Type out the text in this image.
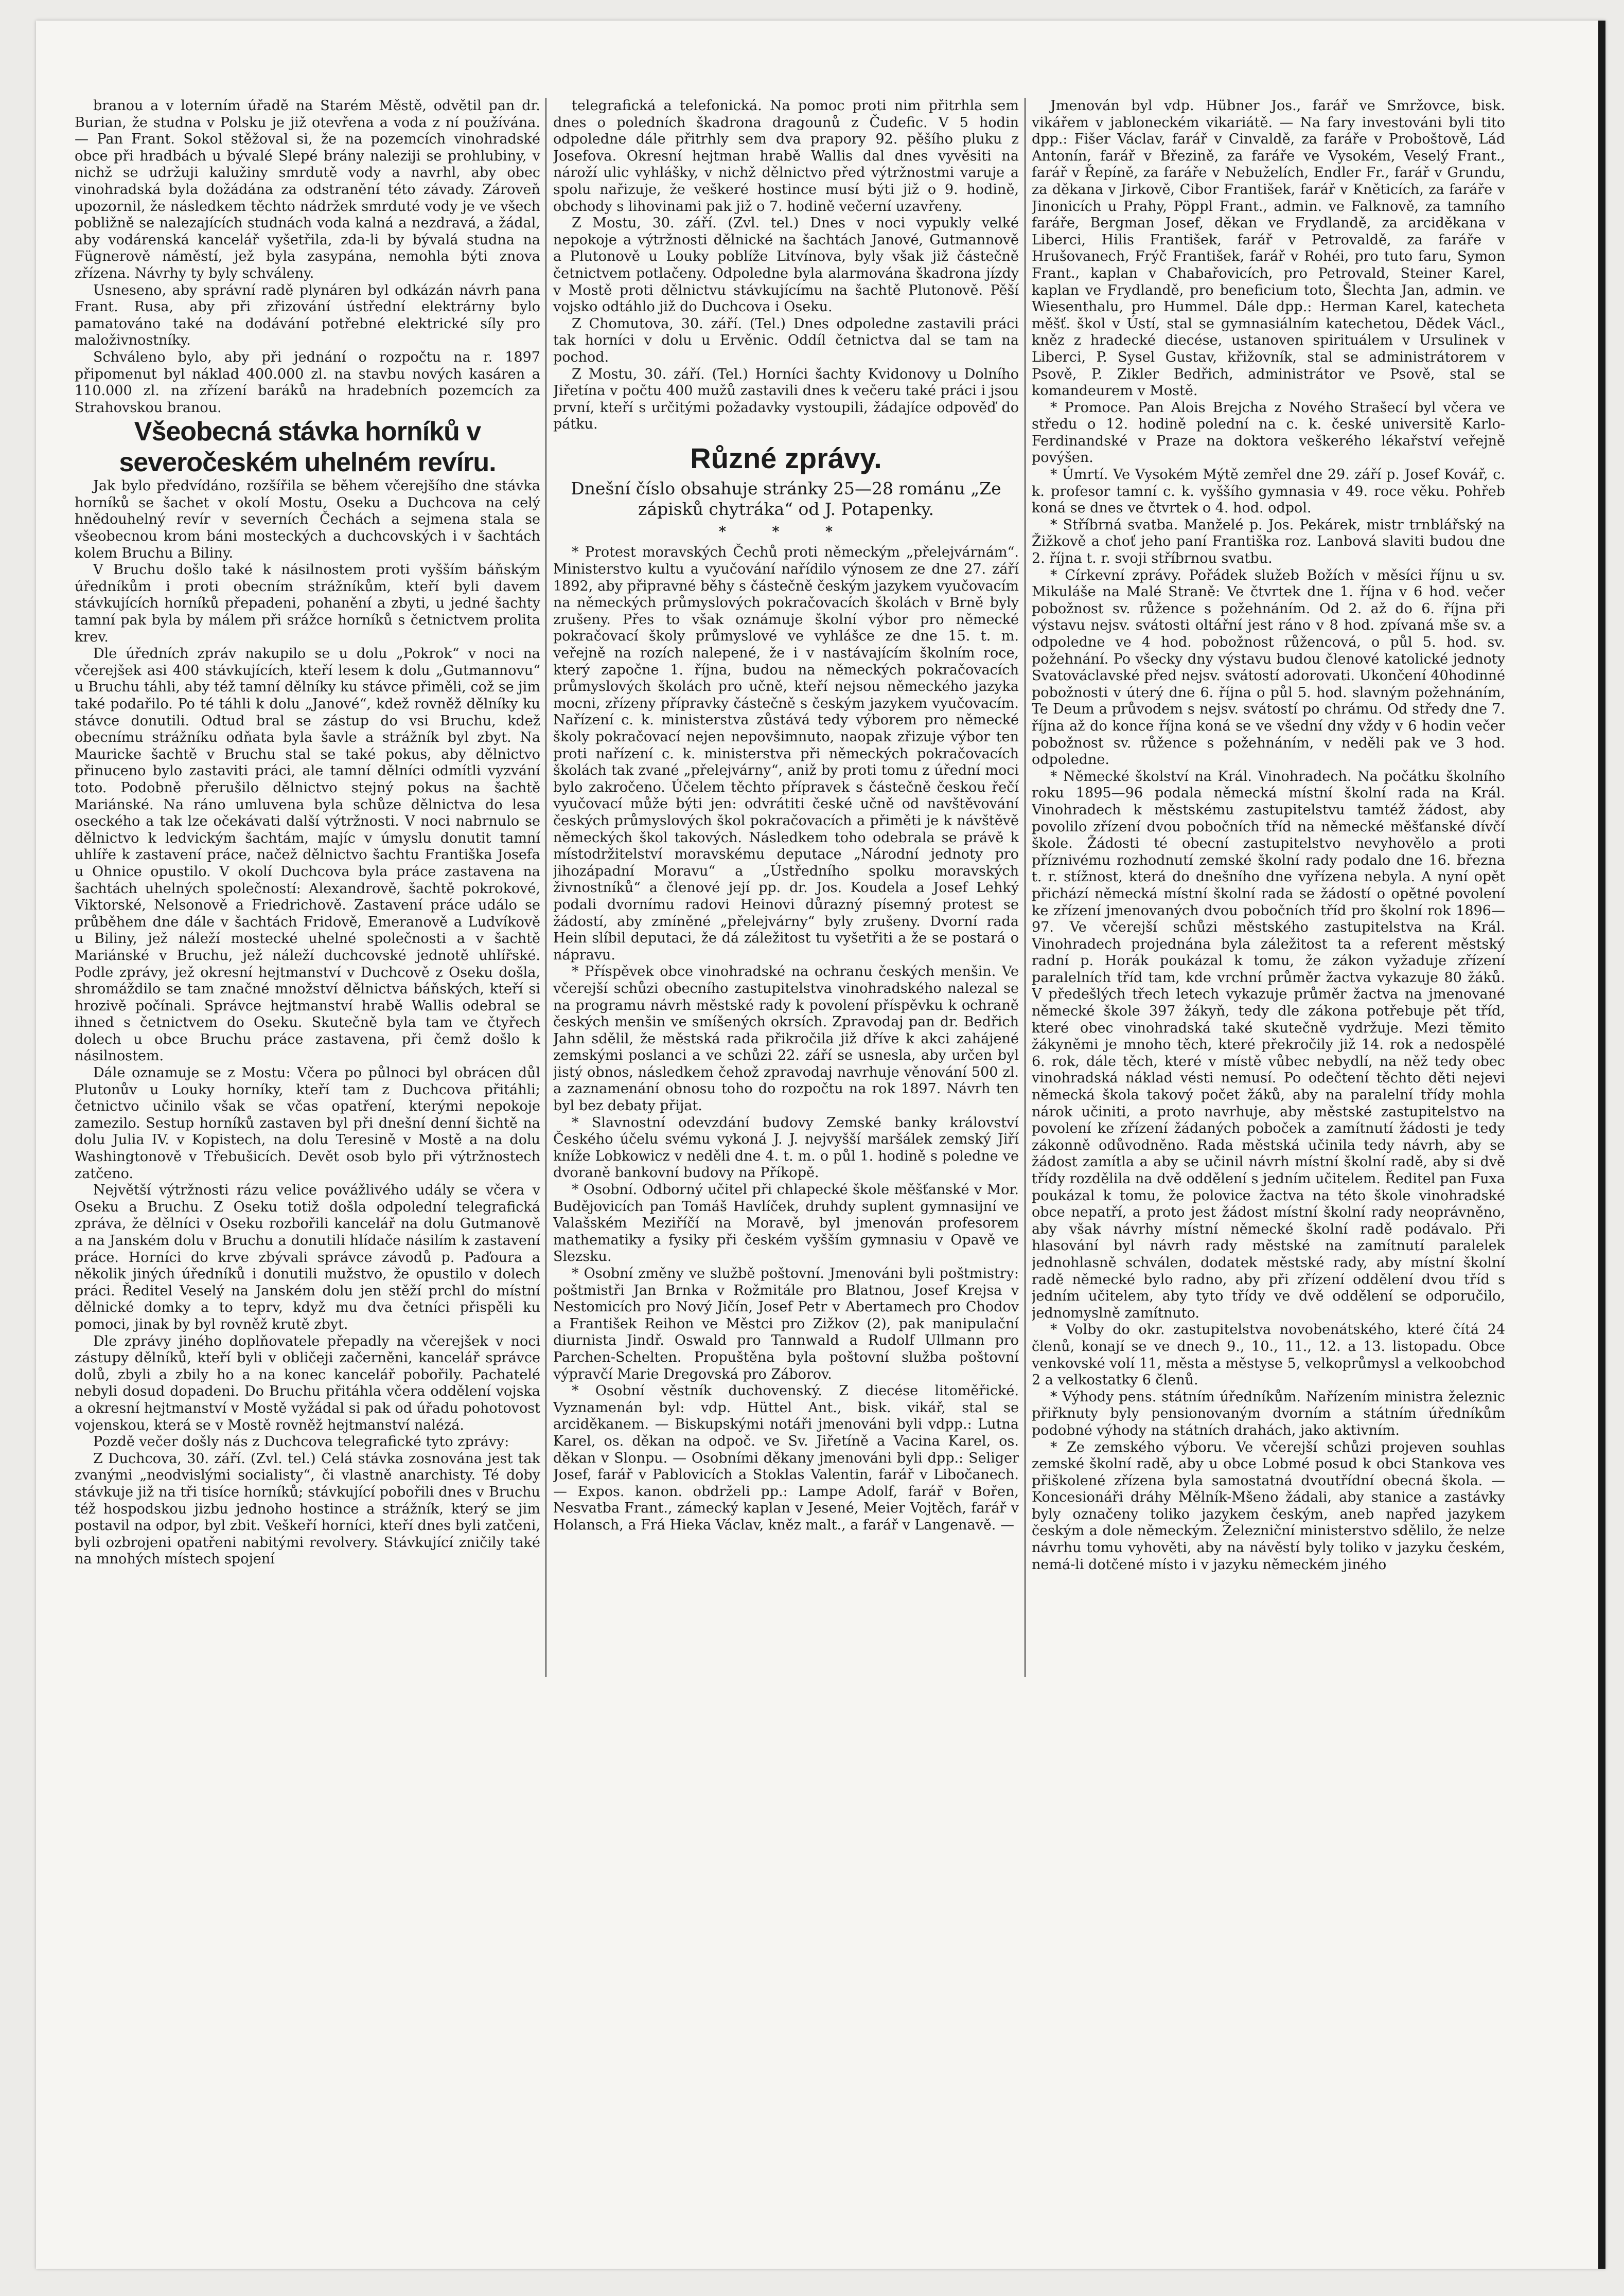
branou a v loterním úřadě na Starém Městě, odvětil pan dr. Burian, že studna v Polsku je již otevřena a voda z ní používána. — Pan Frant. Sokol stěžoval si, že na pozemcích vinohradské obce při hradbách u bývalé Slepé brány naleziji se prohlubiny, v nichž se udržuji kalužiny smrdutě vody a navrhl, aby obec vinohradská byla dožádána za odstranění této závady. Zároveň upozornil, že následkem těchto nádržek smrduté vody je ve všech pobližně se nalezajících studnách voda kalná a nezdravá, a žádal, aby vodárenská kancelář vyšetřila, zda-li by bývalá studna na Fügnerově náměstí, jež byla zasypána, nemohla býti znova zřízena. Návrhy ty byly schváleny.

Usneseno, aby správní radě plynáren byl odkázán návrh pana Frant. Rusa, aby při zřizování ústřední elektrárny bylo pamatováno také na dodávání potřebné elektrické síly pro maloživnostníky.

Schváleno bylo, aby při jednání o rozpočtu na r. 1897 připomenut byl náklad 400.000 zl. na stavbu nových kasáren a 110.000 zl. na zřízení baráků na hradebních pozemcích za Strahovskou branou.

Všeobecná stávka horníků v severočeském uhelném revíru.

Jak bylo předvídáno, rozšířila se během včerejšího dne stávka horníků se šachet v okolí Mostu, Oseku a Duchcova na celý hnědouhelný revír v severních Čechách a sejmena stala se všeobecnou krom báni mosteckých a duchcovských i v šachtách kolem Bruchu a Biliny.

V Bruchu došlo také k násilnostem proti vyšším báňským úředníkům i proti obecním strážníkům, kteří byli davem stávkujících horníků přepadeni, pohanění a zbyti, u jedné šachty tamní pak byla by málem při srážce horníků s četnictvem prolita krev.

Dle úředních zpráv nakupilo se u dolu „Pokrok“ v noci na včerejšek asi 400 stávkujících, kteří lesem k dolu „Gutmannovu“ u Bruchu táhli, aby též tamní dělníky ku stávce přiměli, což se jim také podařilo. Po té táhli k dolu „Janové“, kdež rovněž dělníky ku stávce donutili. Odtud bral se zástup do vsi Bruchu, kdež obecnímu strážníku odňata byla šavle a strážník byl zbyt. Na Mauricke šachtě v Bruchu stal se také pokus, aby dělnictvo přinuceno bylo zastaviti práci, ale tamní dělníci odmítli vyzvání toto. Podobně přerušilo dělnictvo stejný pokus na šachtě Mariánské. Na ráno umluvena byla schůze dělnictva do lesa oseckého a tak lze očekávati další výtržnosti. V noci nabrnulo se dělnictvo k ledvickým šachtám, majíc v úmyslu donutit tamní uhlíře k zastavení práce, načež dělnictvo šachtu Františka Josefa u Ohnice opustilo. V okolí Duchcova byla práce zastavena na šachtách uhelných společností: Alexandrově, šachtě pokrokové, Viktorské, Nelsonově a Friedrichově. Zastavení práce událo se průběhem dne dále v šachtách Fridově, Emeranově a Ludvíkově u Biliny, jež náleží mostecké uhelné společnosti a v šachtě Mariánské v Bruchu, jež náleží duchcovské jednotě uhlířské. Podle zprávy, jež okresní hejtmanství v Duchcově z Oseku došla, shromáždilo se tam značné množství dělnictva báňských, kteří si hrozivě počínali. Správce hejtmanství hrabě Wallis odebral se ihned s četnictvem do Oseku. Skutečně byla tam ve čtyřech dolech u obce Bruchu práce zastavena, při čemž došlo k násilnostem.

Dále oznamuje se z Mostu: Včera po půlnoci byl obrácen důl Plutonův u Louky horníky, kteří tam z Duchcova přitáhli; četnictvo učinilo však se včas opatření, kterými nepokoje zamezilo. Sestup horníků zastaven byl při dnešní denní šichtě na dolu Julia IV. v Kopistech, na dolu Teresině v Mostě a na dolu Washingtonově v Třebušicích. Devět osob bylo při výtržnostech zatčeno.

Největší výtržnosti rázu velice povážlivého udály se včera v Oseku a Bruchu. Z Oseku totiž došla odpolední telegrafická zpráva, že dělníci v Oseku rozbořili kancelář na dolu Gutmanově a na Janském dolu v Bruchu a donutili hlídače násilím k zastavení práce. Horníci do krve zbývali správce závodů p. Paďoura a několik jiných úředníků i donutili mužstvo, že opustilo v dolech práci. Ředitel Veselý na Janském dolu jen stěží prchl do místní dělnické domky a to teprv, když mu dva četníci přispěli ku pomoci, jinak by byl rovněž krutě zbyt.

Dle zprávy jiného doplňovatele přepadly na včerejšek v noci zástupy dělníků, kteří byli v obličeji začerněni, kancelář správce dolů, zbyli a zbily ho a na konec kancelář pobořily. Pachatelé nebyli dosud dopadeni. Do Bruchu přitáhla včera oddělení vojska a okresní hejtmanství v Mostě vyžádal si pak od úřadu pohotovost vojenskou, která se v Mostě rovněž hejtmanství nalézá.

Pozdě večer došly nás z Duchcova telegrafické tyto zprávy:

Z Duchcova, 30. září. (Zvl. tel.) Celá stávka zosnována jest tak zvanými „neodvislými socialisty“, či vlastně anarchisty. Té doby stávkuje již na tři tisíce horníků; stávkující pobořili dnes v Bruchu též hospodskou jizbu jednoho hostince a strážník, který se jim postavil na odpor, byl zbit. Veškeří horníci, kteří dnes byli zatčeni, byli ozbrojeni opatřeni nabitými revolvery. Stávkující zničily také na mnohých místech spojení

telegrafická a telefonická. Na pomoc proti nim přitrhla sem dnes o poledních škadrona dragounů z Čudefic. V 5 hodin odpoledne dále přitrhly sem dva prapory 92. pěšího pluku z Josefova. Okresní hejtman hrabě Wallis dal dnes vyvěsiti na nároží ulic vyhlášky, v nichž dělnictvo před výtržnostmi varuje a spolu nařizuje, že veškeré hostince musí býti již o 9. hodině, obchody s lihovinami pak již o 7. hodině večerní uzavřeny.

Z Mostu, 30. září. (Zvl. tel.) Dnes v noci vypukly velké nepokoje a výtržnosti dělnické na šachtách Janové, Gutmannově a Plutonově u Louky poblíže Litvínova, byly však již částečně četnictvem potlačeny. Odpoledne byla alarmována škadrona jízdy v Mostě proti dělnictvu stávkujícímu na šachtě Plutonově. Pěší vojsko odtáhlo již do Duchcova i Oseku.

Z Chomutova, 30. září. (Tel.) Dnes odpoledne zastavili práci tak horníci v dolu u Ervěnic. Oddíl četnictva dal se tam na pochod.

Z Mostu, 30. září. (Tel.) Horníci šachty Kvidonovy u Dolního Jiřetína v počtu 400 mužů zastavili dnes k večeru také práci i jsou první, kteří s určitými požadavky vystoupili, žádajíce odpověď do pátku.

Různé zprávy.

Dnešní číslo obsahuje stránky 25—28 románu „Ze zápisků chytráka“ od J. Potapenky.

* * *

* Protest moravských Čechů proti německým „přelejvárnám“. Ministerstvo kultu a vyučování nařídilo výnosem ze dne 27. září 1892, aby připravné běhy s částečně českým jazykem vyučovacím na německých průmyslových pokračovacích školách v Brně byly zrušeny. Přes to však oznámuje školní výbor pro německé pokračovací školy průmyslové ve vyhlášce ze dne 15. t. m. veřejně na rozích nalepené, že i v nastávajícím školním roce, který započne 1. října, budou na německých pokračovacích průmyslových školách pro učně, kteří nejsou německého jazyka mocni, zřízeny přípravky částečně s českým jazykem vyučovacím. Nařízení c. k. ministerstva zůstává tedy výborem pro německé školy pokračovací nejen nepovšimnuto, naopak zřizuje výbor ten proti nařízení c. k. ministerstva při německých pokračovacích školách tak zvané „přelejvárny“, aniž by proti tomu z úřední moci bylo zakročeno. Účelem těchto přípravek s částečně českou řečí vyučovací může býti jen: odvrátiti české učně od navštěvování českých průmyslových škol pokračovacích a přiměti je k návštěvě německých škol takových. Následkem toho odebrala se právě k místodržitelství moravskému deputace „Národní jednoty pro jihozápadní Moravu“ a „Ústředního spolku moravských živnostníků“ a členové její pp. dr. Jos. Koudela a Josef Lehký podali dvornímu radovi Heinovi důrazný písemný protest se žádostí, aby zmíněné „přelejvárny“ byly zrušeny. Dvorní rada Hein slíbil deputaci, že dá záležitost tu vyšetřiti a že se postará o nápravu.

* Příspěvek obce vinohradské na ochranu českých menšin. Ve včerejší schůzi obecního zastupitelstva vinohradského nalezal se na programu návrh městské rady k povolení příspěvku k ochraně českých menšin ve smíšených okrsích. Zpravodaj pan dr. Bedřich Jahn sdělil, že městská rada přikročila již dříve k akci zahájené zemskými poslanci a ve schůzi 22. září se usnesla, aby určen byl jistý obnos, následkem čehož zpravodaj navrhuje věnování 500 zl. a zaznamenání obnosu toho do rozpočtu na rok 1897. Návrh ten byl bez debaty přijat.

* Slavnostní odevzdání budovy Zemské banky království Českého účelu svému vykoná J. J. nejvyšší maršálek zemský Jiří kníže Lobkowicz v neděli dne 4. t. m. o půl 1. hodině s poledne ve dvoraně bankovní budovy na Příkopě.

* Osobní. Odborný učitel při chlapecké škole měšťanské v Mor. Budějovicích pan Tomáš Havlíček, druhdy suplent gymnasijní ve Valašském Meziříčí na Moravě, byl jmenován profesorem mathematiky a fysiky při českém vyšším gymnasiu v Opavě ve Slezsku.

* Osobní změny ve službě poštovní. Jmenováni byli poštmistry: poštmistři Jan Brnka v Rožmitále pro Blatnou, Josef Krejsa v Nestomicích pro Nový Jičín, Josef Petr v Abertamech pro Chodov a František Reihon ve Městci pro Zižkov (2), pak manipulační diurnista Jindř. Oswald pro Tannwald a Rudolf Ullmann pro Parchen-Schelten. Propuštěna byla poštovní služba poštovní výpravčí Marie Dregovská pro Záborov.

* Osobní věstník duchovenský. Z diecése litoměřické. Vyznamenán byl: vdp. Hüttel Ant., bisk. vikář, stal se arciděkanem. — Biskupskými notáři jmenováni byli vdpp.: Lutna Karel, os. děkan na odpoč. ve Sv. Jiřetíně a Vacina Karel, os. děkan v Slonpu. — Osobními děkany jmenováni byli dpp.: Seliger Josef, farář v Pablovicích a Stoklas Valentin, farář v Libočanech. — Expos. kanon. obdrželi pp.: Lampe Adolf, farář v Bořen, Nesvatba Frant., zámecký kaplan v Jesené, Meier Vojtěch, farář v Holansch, a Frá Hieka Václav, kněz malt., a farář v Langenavě. —

Jmenován byl vdp. Hübner Jos., farář ve Smržovce, bisk. vikářem v jabloneckém vikariátě. — Na fary investováni byli tito dpp.: Fišer Václav, farář v Cinvaldě, za faráře v Proboštově, Lád Antonín, farář v Březině, za faráře ve Vysokém, Veselý Frant., farář v Řepíně, za faráře v Nebuželích, Endler Fr., farář v Grundu, za děkana v Jirkově, Cibor František, farář v Kněticích, za faráře v Jinonicích u Prahy, Pöppl Frant., admin. ve Falknově, za tamního faráře, Bergman Josef, děkan ve Frydlandě, za arciděkana v Liberci, Hilis František, farář v Petrovaldě, za faráře v Hrušovanech, Frýč František, farář v Rohéi, pro tuto faru, Symon Frant., kaplan v Chabařovicích, pro Petrovald, Steiner Karel, kaplan ve Frydlandě, pro beneficium toto, Šlechta Jan, admin. ve Wiesenthalu, pro Hummel. Dále dpp.: Herman Karel, katecheta měšť. škol v Ústí, stal se gymnasiálním katechetou, Dědek Václ., kněz z hradecké diecése, ustanoven spirituálem v Ursulinek v Liberci, P. Sysel Gustav, křižovník, stal se administrátorem v Psově, P. Zikler Bedřich, administrátor ve Psově, stal se komandeurem v Mostě.

* Promoce. Pan Alois Brejcha z Nového Strašecí byl včera ve středu o 12. hodině polední na c. k. české universitě Karlo-Ferdinandské v Praze na doktora veškerého lékařství veřejně povýšen.

* Úmrtí. Ve Vysokém Mýtě zemřel dne 29. září p. Josef Kovář, c. k. profesor tamní c. k. vyššího gymnasia v 49. roce věku. Pohřeb koná se dnes ve čtvrtek o 4. hod. odpol.

* Stříbrná svatba. Manželé p. Jos. Pekárek, mistr trnblářský na Žižkově a choť jeho paní Františka roz. Lanbová slaviti budou dne 2. října t. r. svoji stříbrnou svatbu.

* Církevní zprávy. Pořádek služeb Božích v měsíci říjnu u sv. Mikuláše na Malé Straně: Ve čtvrtek dne 1. října v 6 hod. večer pobožnost sv. růžence s požehnáním. Od 2. až do 6. října při výstavu nejsv. svátosti oltářní jest ráno v 8 hod. zpívaná mše sv. a odpoledne ve 4 hod. pobožnost růžencová, o půl 5. hod. sv. požehnání. Po všecky dny výstavu budou členové katolické jednoty Svatováclavské před nejsv. svátostí adorovati. Ukončení 40hodinné pobožnosti v úterý dne 6. října o půl 5. hod. slavným požehnáním, Te Deum a průvodem s nejsv. svátostí po chrámu. Od středy dne 7. října až do konce října koná se ve všední dny vždy v 6 hodin večer pobožnost sv. růžence s požehnáním, v neděli pak ve 3 hod. odpoledne.

* Německé školství na Král. Vinohradech. Na počátku školního roku 1895—96 podala německá místní školní rada na Král. Vinohradech k městskému zastupitelstvu tamtéž žádost, aby povolilo zřízení dvou pobočních tříd na německé měšťanské dívčí škole. Žádosti té obecní zastupitelstvo nevyhovělo a proti příznivému rozhodnutí zemské školní rady podalo dne 16. března t. r. stížnost, která do dnešního dne vyřízena nebyla. A nyní opět přichází německá místní školní rada se žádostí o opětné povolení ke zřízení jmenovaných dvou pobočních tříd pro školní rok 1896—97. Ve včerejší schůzi městského zastupitelstva na Král. Vinohradech projednána byla záležitost ta a referent městský radní p. Horák poukázal k tomu, že zákon vyžaduje zřízení paralelních tříd tam, kde vrchní průměr žactva vykazuje 80 žáků. V předešlých třech letech vykazuje průměr žactva na jmenované německé škole 397 žákyň, tedy dle zákona potřebuje pět tříd, které obec vinohradská také skutečně vydržuje. Mezi těmito žákyněmi je mnoho těch, které překročily již 14. rok a nedospělé 6. rok, dále těch, které v místě vůbec nebydlí, na něž tedy obec vinohradská náklad vésti nemusí. Po odečtení těchto děti nejevi německá škola takový počet žáků, aby na paralelní třídy mohla nárok učiniti, a proto navrhuje, aby městské zastupitelstvo na povolení ke zřízení žádaných poboček a zamítnutí žádosti je tedy zákonně odůvodněno. Rada městská učinila tedy návrh, aby se žádost zamítla a aby se učinil návrh místní školní radě, aby si dvě třídy rozdělila na dvě oddělení s jedním učitelem. Ředitel pan Fuxa poukázal k tomu, že polovice žactva na této škole vinohradské obce nepatří, a proto jest žádost místní školní rady neoprávněno, aby však návrhy místní německé školní radě podávalo. Při hlasování byl návrh rady městské na zamítnutí paralelek jednohlasně schválen, dodatek městské rady, aby místní školní radě německé bylo radno, aby při zřízení oddělení dvou tříd s jedním učitelem, aby tyto třídy ve dvě oddělení se odporučilo, jednomyslně zamítnuto.

* Volby do okr. zastupitelstva novobenátského, které čítá 24 členů, konají se ve dnech 9., 10., 11., 12. a 13. listopadu. Obce venkovské volí 11, města a městyse 5, velkoprůmysl a velkoobchod 2 a velkostatky 6 členů.

* Výhody pens. státním úředníkům. Nařízením ministra železnic přiřknuty byly pensionovaným dvorním a státním úředníkům podobné výhody na státních drahách, jako aktivním.

* Ze zemského výboru. Ve včerejší schůzi projeven souhlas zemské školní radě, aby u obce Lobmé posud k obci Stankova ves přiškolené zřízena byla samostatná dvoutřídní obecná škola. — Koncesionáři dráhy Mělník-Mšeno žádali, aby stanice a zastávky byly označeny toliko jazykem českým, aneb napřed jazykem českým a dole německým. Železniční ministerstvo sdělilo, že nelze návrhu tomu vyhověti, aby na návěstí byly toliko v jazyku českém, nemá-li dotčené místo i v jazyku německém jiného
